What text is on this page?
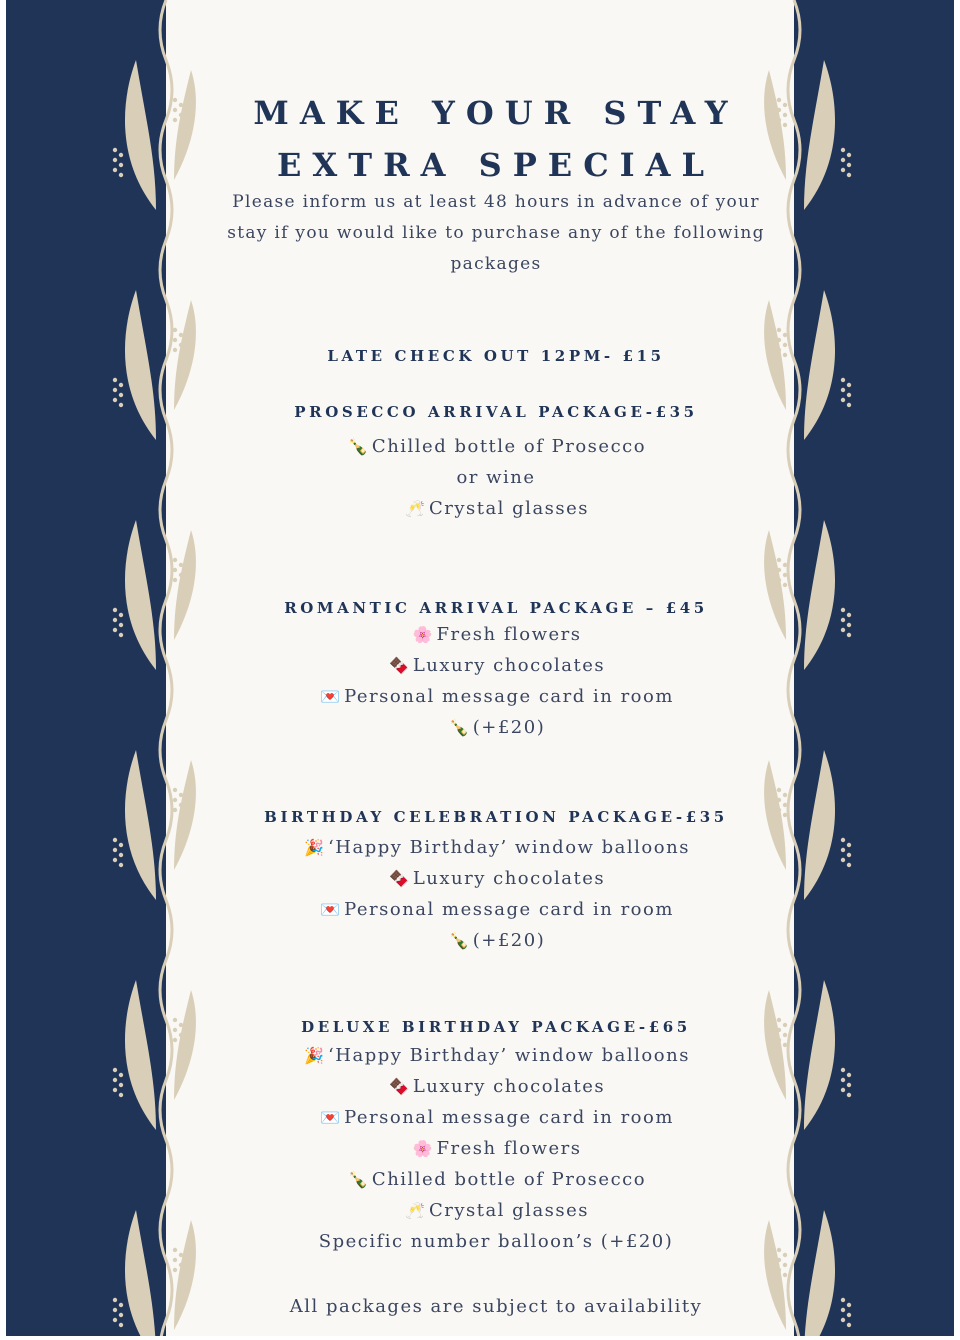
MAKE YOUR STAY
EXTRA SPECIAL
Please inform us at least 48 hours in advance of your
stay if you would like to purchase any of the following
packages
LATE CHECK OUT 12PM- £15
PROSECCO ARRIVAL PACKAGE-£35
🍾 Chilled bottle of Prosecco
or wine
🥂 Crystal glasses
ROMANTIC ARRIVAL PACKAGE – £45
🌸 Fresh flowers
🍫 Luxury chocolates
💌 Personal message card in room
🍾 (+£20)
BIRTHDAY CELEBRATION PACKAGE-£35
🎉 ‘Happy Birthday’ window balloons
🍫 Luxury chocolates
💌 Personal message card in room
🍾 (+£20)
DELUXE BIRTHDAY PACKAGE-£65
🎉 ‘Happy Birthday’ window balloons
🍫 Luxury chocolates
💌 Personal message card in room
🌸 Fresh flowers
🍾 Chilled bottle of Prosecco
🥂 Crystal glasses
Specific number balloon’s (+£20)
All packages are subject to availability
